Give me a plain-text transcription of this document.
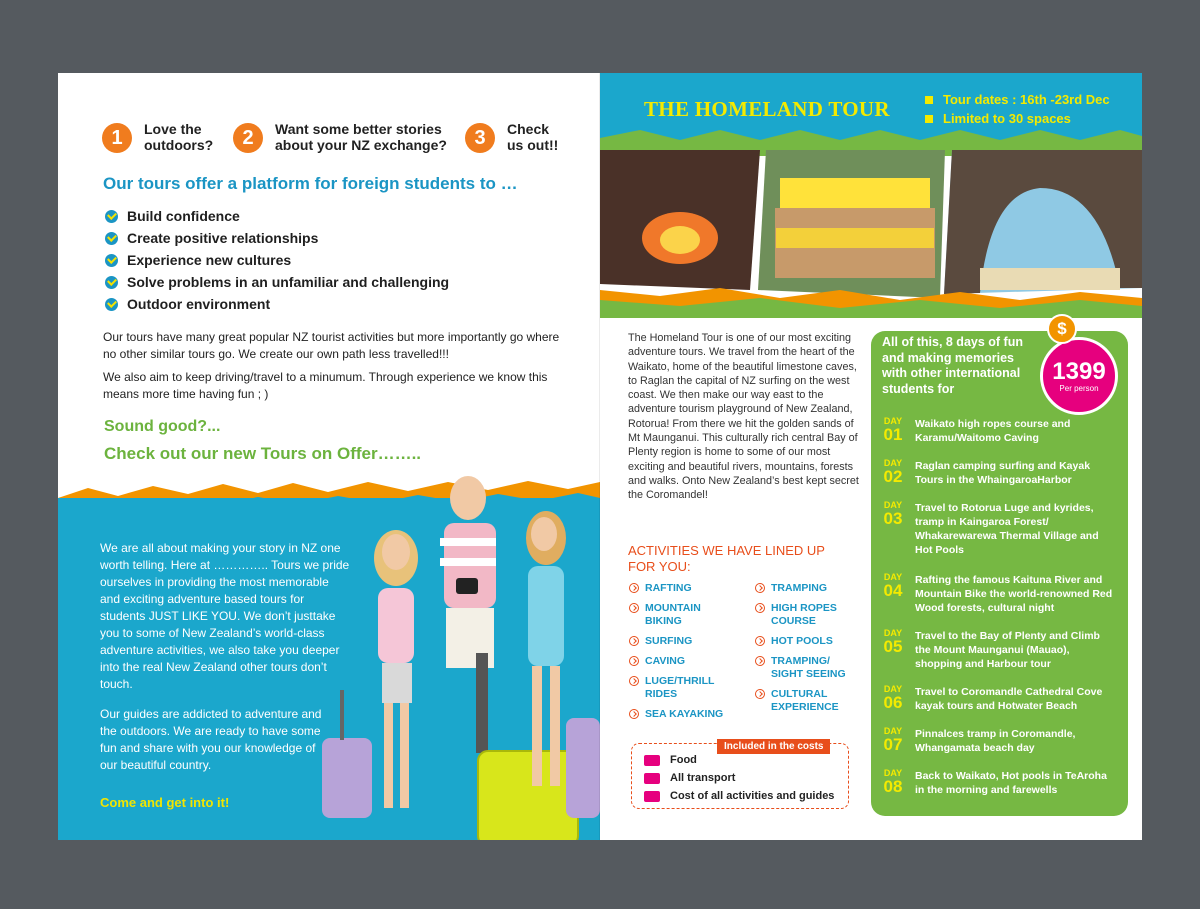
1	Love the outdoors?	2	Want some better stories about your NZ exchange?	3	Check us out!!
Our tours offer a platform for foreign students to …
Build confidence
Create positive relationships
Experience new cultures
Solve problems in an unfamiliar and challenging
Outdoor environment
Our tours have many great popular NZ tourist activities but more importantly go where no other similar tours go. We create our own path less travelled!!!
We also aim to keep driving/travel to a minumum. Through experience we know this means more time having fun ; )
Sound good?...
Check out our new Tours on Offer……..
We are all about making your story in NZ one worth telling. Here at ………….. Tours we pride ourselves in providing the most memorable and exciting adventure based tours for students JUST LIKE YOU. We don’t justtake you to some of New Zealand’s world-class adventure activities, we also take you deeper into the real New Zealand other tours don’t touch.
Our guides are addicted to adventure and the outdoors. We are ready to have some fun and share with you our knowledge of our beautiful country.
Come and get into it!
THE HOMELAND TOUR	Tour dates : 16th -23rd Dec
Limited to 30 spaces
The Homeland Tour is one of our most exciting adventure tours. We travel from the heart of the Waikato, home of the beautiful limestone caves, to Raglan the capital of NZ surfing on the west coast. We then make our way east to the adventure tourism playground of New Zealand, Rotorua! From there we hit the golden sands of Mt Maunganui. This culturally rich central Bay of Plenty region is home to some of our most exciting and beautiful rivers, mountains, forests and walks. Onto New Zealand’s best kept secret the Coromandel!
ACTIVITIES WE HAVE LINED UP FOR YOU:
RAFTING
MOUNTAIN BIKING
SURFING
CAVING
LUGE/THRILL RIDES
SEA KAYAKING
TRAMPING
HIGH ROPES COURSE
HOT POOLS
TRAMPING/ SIGHT SEEING
CULTURAL EXPERIENCE
Included in the costs
Food
All transport
Cost of all activities and guides
All of this, 8 days of fun and making memories with other international students for
1399
Per person
$
DAY
01
Waikato high ropes course and Karamu/Waitomo Caving
DAY
02
Raglan camping surfing and Kayak Tours in the WhaingaroaHarbor
DAY
03
Travel to Rotorua Luge and kyrides, tramp in Kaingaroa Forest/ Whakarewarewa Thermal Village and Hot Pools
DAY
04
Rafting the famous Kaituna River and Mountain Bike the world-renowned Red Wood forests, cultural night
DAY
05
Travel to the Bay of Plenty and Climb the Mount Maunganui (Mauao), shopping and Harbour tour
DAY
06
Travel to Coromandle Cathedral Cove kayak tours and Hotwater Beach
DAY
07
Pinnalces tramp in Coromandle, Whangamata beach day
DAY
08
Back to Waikato, Hot pools in TeAroha in the morning and farewells
